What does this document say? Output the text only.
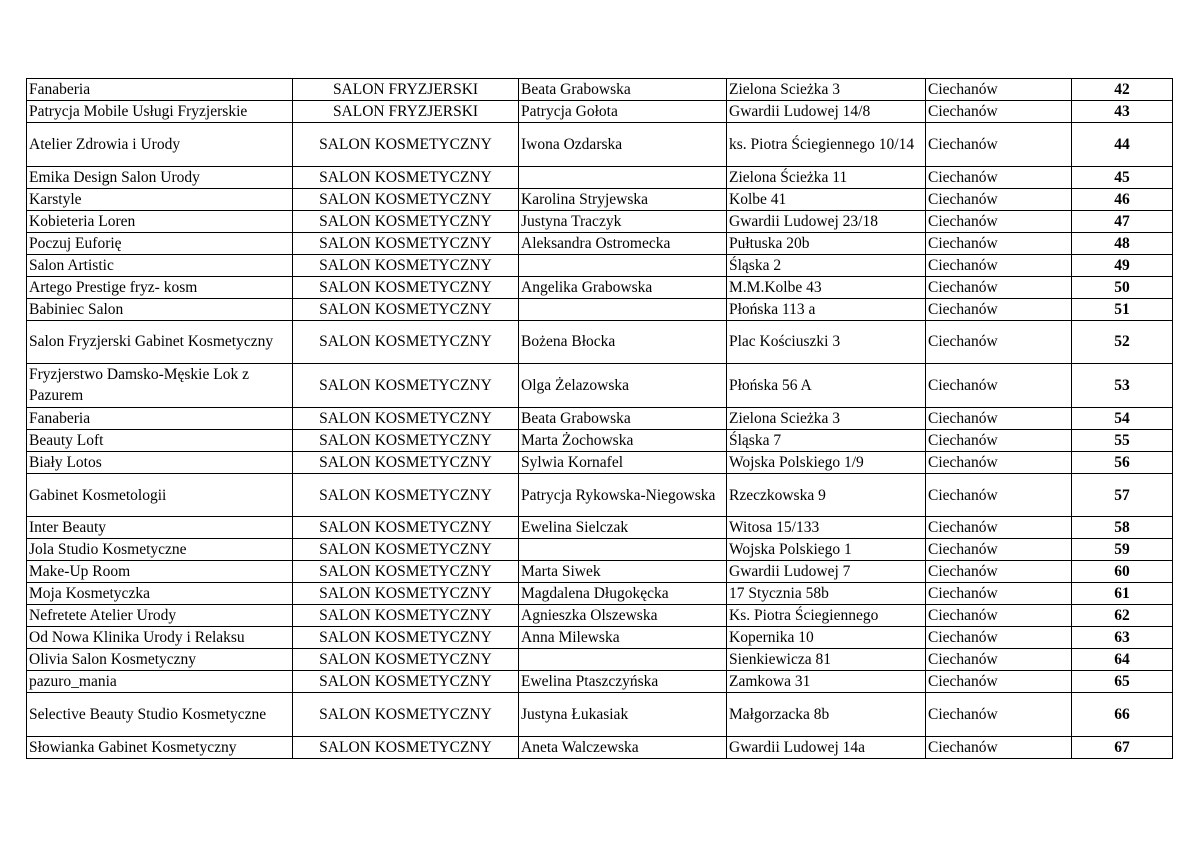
Fanaberia	SALON FRYZJERSKI	Beata Grabowska	Zielona Scieżka 3	Ciechanów	42
Patrycja Mobile Usługi Fryzjerskie	SALON FRYZJERSKI	Patrycja Gołota	Gwardii Ludowej 14/8	Ciechanów	43
Atelier Zdrowia i Urody	SALON KOSMETYCZNY	Iwona Ozdarska	ks. Piotra Ściegiennego 10/14	Ciechanów	44
Emika Design Salon Urody	SALON KOSMETYCZNY		Zielona Ścieżka 11	Ciechanów	45
Karstyle	SALON KOSMETYCZNY	Karolina Stryjewska	Kolbe 41	Ciechanów	46
Kobieteria Loren	SALON KOSMETYCZNY	Justyna Traczyk	Gwardii Ludowej 23/18	Ciechanów	47
Poczuj Euforię	SALON KOSMETYCZNY	Aleksandra Ostromecka	Pułtuska 20b	Ciechanów	48
Salon Artistic	SALON KOSMETYCZNY		Śląska 2	Ciechanów	49
Artego Prestige fryz- kosm	SALON KOSMETYCZNY	Angelika Grabowska	M.M.Kolbe 43	Ciechanów	50
Babiniec Salon	SALON KOSMETYCZNY		Płońska 113 a	Ciechanów	51
Salon Fryzjerski Gabinet Kosmetyczny	SALON KOSMETYCZNY	Bożena Błocka	Plac Kościuszki 3	Ciechanów	52
Fryzjerstwo Damsko-Męskie Lok z Pazurem	SALON KOSMETYCZNY	Olga Żelazowska	Płońska 56 A	Ciechanów	53
Fanaberia	SALON KOSMETYCZNY	Beata Grabowska	Zielona Scieżka 3	Ciechanów	54
Beauty Loft	SALON KOSMETYCZNY	Marta Żochowska	Śląska 7	Ciechanów	55
Biały Lotos	SALON KOSMETYCZNY	Sylwia Kornafel	Wojska Polskiego 1/9	Ciechanów	56
Gabinet Kosmetologii	SALON KOSMETYCZNY	Patrycja Rykowska-Niegowska	Rzeczkowska 9	Ciechanów	57
Inter Beauty	SALON KOSMETYCZNY	Ewelina Sielczak	Witosa 15/133	Ciechanów	58
Jola Studio Kosmetyczne	SALON KOSMETYCZNY		Wojska Polskiego 1	Ciechanów	59
Make-Up Room	SALON KOSMETYCZNY	Marta Siwek	Gwardii Ludowej 7	Ciechanów	60
Moja Kosmetyczka	SALON KOSMETYCZNY	Magdalena Długokęcka	17 Stycznia 58b	Ciechanów	61
Nefretete Atelier Urody	SALON KOSMETYCZNY	Agnieszka Olszewska	Ks. Piotra Ściegiennego	Ciechanów	62
Od Nowa Klinika Urody i Relaksu	SALON KOSMETYCZNY	Anna Milewska	Kopernika 10	Ciechanów	63
Olivia Salon Kosmetyczny	SALON KOSMETYCZNY		Sienkiewicza 81	Ciechanów	64
pazuro_mania	SALON KOSMETYCZNY	Ewelina Ptaszczyńska	Zamkowa 31	Ciechanów	65
Selective Beauty Studio Kosmetyczne	SALON KOSMETYCZNY	Justyna Łukasiak	Małgorzacka 8b	Ciechanów	66
Słowianka Gabinet Kosmetyczny	SALON KOSMETYCZNY	Aneta Walczewska	Gwardii Ludowej 14a	Ciechanów	67
